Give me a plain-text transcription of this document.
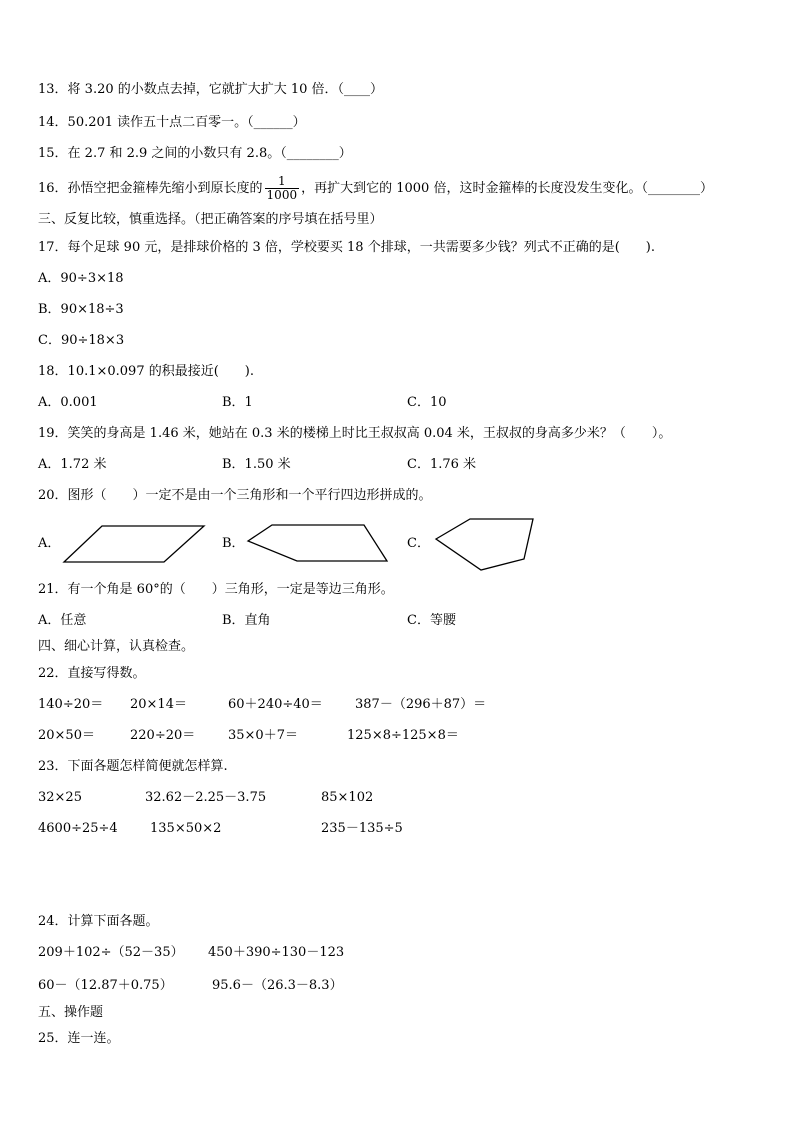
13．将 3.20 的小数点去掉，它就扩大扩大 10 倍．（____）
14．50.201 读作五十点二百零一。（______）
15．在 2.7 和 2.9 之间的小数只有 2.8。（________）
16．孙悟空把金箍棒先缩小到原长度的 $\frac{1}{1000}$ ，再扩大到它的 1000 倍，这时金箍棒的长度没发生变化。（________）
三、反复比较，慎重选择。（把正确答案的序号填在括号里）
17．每个足球 90 元，是排球价格的 3 倍，学校要买 18 个排球，一共需要多少钱？列式不正确的是(　　).
A．90÷3×18
B．90×18÷3
C．90÷18×3
18．10.1×0.097 的积最接近(　　).
A．0.001	B．1	C．10
19．笑笑的身高是 1.46 米，她站在 0.3 米的楼梯上时比王叔叔高 0.04 米，王叔叔的身高多少米？（　　）。
A．1.72 米	B．1.50 米	C．1.76 米
20．图形（　　）一定不是由一个三角形和一个平行四边形拼成的。
A．	B．	C．
21．有一个角是 60°的（　　）三角形，一定是等边三角形。
A．任意	B．直角	C．等腰
四、细心计算，认真检查。
22．直接写得数。
140÷20＝ 20×14＝	60＋240÷40＝ 387－（296＋87）＝
20×50＝	220÷20＝	35×0＋7＝	125×8÷125×8＝
23．下面各题怎样简便就怎样算.
32×25	32.62－2.25－3.75	85×102
4600÷25÷4 135×50×2	235－135÷5
24．计算下面各题。
209＋102÷（52－35） 450＋390÷130－123
60－（12.87＋0.75）	95.6－（26.3－8.3）
五、操作题
25．连一连。
